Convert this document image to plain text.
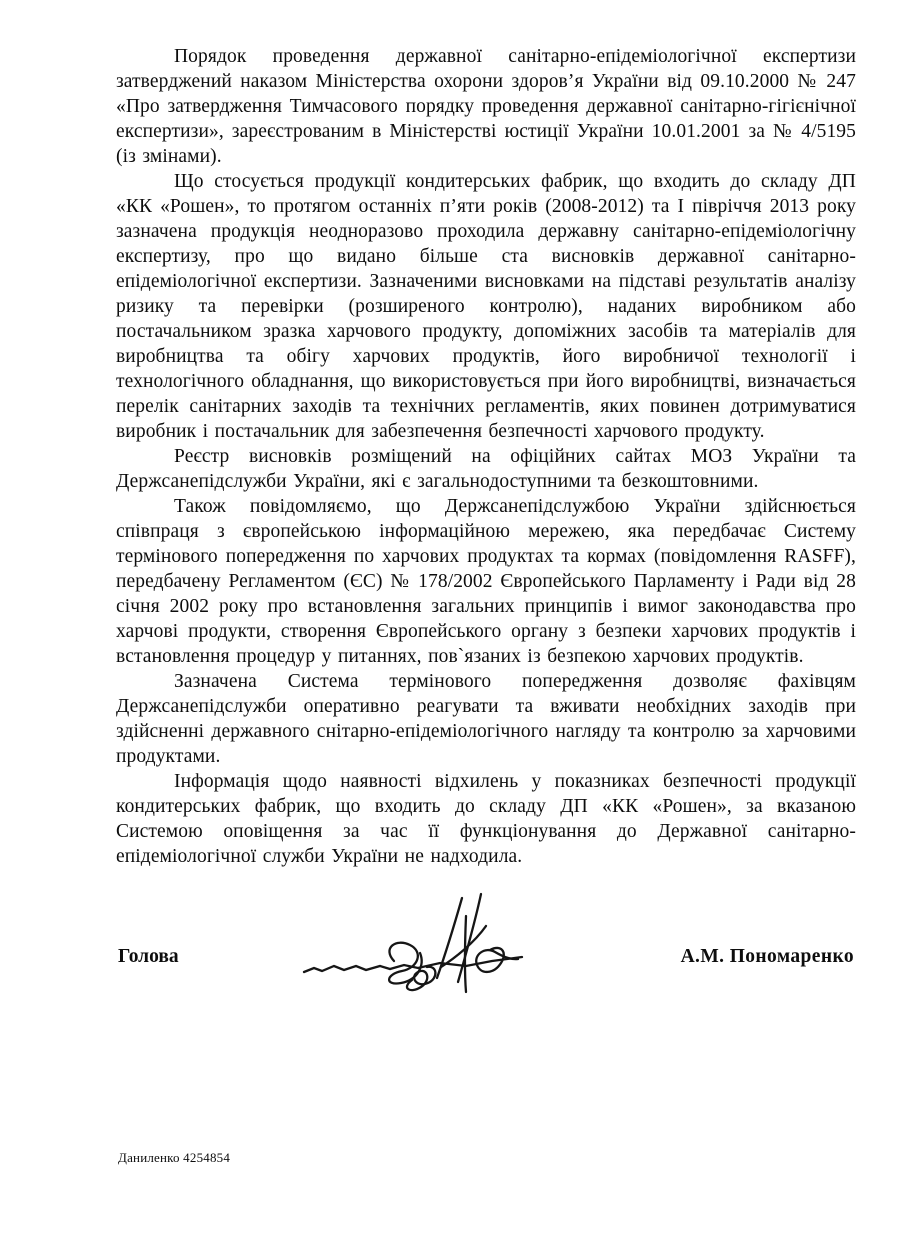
Порядок проведення державної санітарно-епідеміологічної експертизи затверджений наказом Міністерства охорони здоров’я України від 09.10.2000 № 247 «Про затвердження Тимчасового порядку проведення державної санітарно-гігієнічної експертизи», зареєстрованим в Міністерстві юстиції України 10.01.2001 за № 4/5195 (із змінами).

Що стосується продукції кондитерських фабрик, що входить до складу ДП «КК «Рошен», то протягом останніх п’яти років (2008-2012) та І півріччя 2013 року зазначена продукція неодноразово проходила державну санітарно-епідеміологічну експертизу, про що видано більше ста висновків державної санітарно-епідеміологічної експертизи. Зазначеними висновками на підставі результатів аналізу ризику та перевірки (розширеного контролю), наданих виробником або постачальником зразка харчового продукту, допоміжних засобів та матеріалів для виробництва та обігу харчових продуктів, його виробничої технології і технологічного обладнання, що використовується при його виробництві, визначається перелік санітарних заходів та технічних регламентів, яких повинен дотримуватися виробник і постачальник для забезпечення безпечності харчового продукту.

Реєстр висновків розміщений на офіційних сайтах МОЗ України та Держсанепідслужби України, які є загальнодоступними та безкоштовними.

Також повідомляємо, що Держсанепідслужбою України здійснюється співпраця з європейською інформаційною мережею, яка передбачає Систему термінового попередження по харчових продуктах та кормах (повідомлення RASFF), передбачену Регламентом (ЄС) № 178/2002 Європейського Парламенту і Ради від 28 січня 2002 року про встановлення загальних принципів і вимог законодавства про харчові продукти, створення Європейського органу з безпеки харчових продуктів і встановлення процедур у питаннях, пов`язаних із безпекою харчових продуктів.

Зазначена Система термінового попередження дозволяє фахівцям Держсанепідслужби оперативно реагувати та вживати необхідних заходів при здійсненні державного снітарно-епідеміологічного нагляду та контролю за харчовими продуктами.

Інформація щодо наявності відхилень у показниках безпечності продукції кондитерських фабрик, що входить до складу ДП «КК «Рошен», за вказаною Системою оповіщення за час її функціонування до Державної санітарно-епідеміологічної служби України не надходила.

Голова	А.М. Пономаренко
Даниленко 4254854
